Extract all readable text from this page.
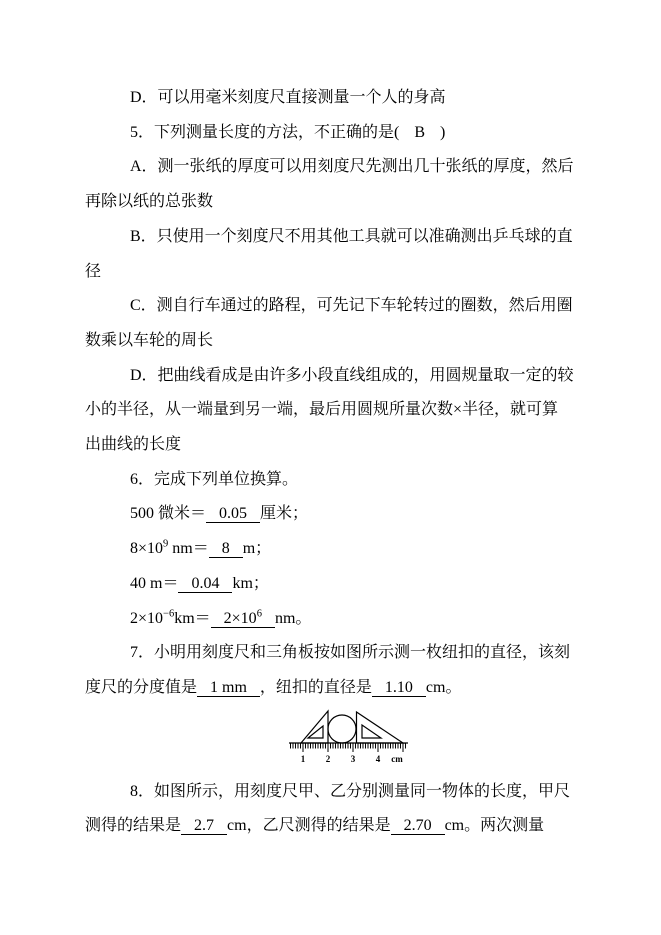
D．可以用毫米刻度尺直接测量一个人的身高

5．下列测量长度的方法，不正确的是( B )

A．测一张纸的厚度可以用刻度尺先测出几十张纸的厚度，然后

再除以纸的总张数

B．只使用一个刻度尺不用其他工具就可以准确测出乒乓球的直

径

C．测自行车通过的路程，可先记下车轮转过的圈数，然后用圈

数乘以车轮的周长

D．把曲线看成是由许多小段直线组成的，用圆规量取一定的较

小的半径，从一端量到另一端，最后用圆规所量次数×半径，就可算

出曲线的长度

6．完成下列单位换算。

500 微米＝ 0.05 厘米；

$8\times 10^9$ nm＝ 8 m；

40 m＝ 0.04 km；

$2\times 10^{-6}km= 2\times 10^6$ nm。

7．小明用刻度尺和三角板按如图所示测一枚纽扣的直径，该刻

度尺的分度值是 1 mm ，纽扣的直径是 1.10 cm。

1 2 3 4 cm

8．如图所示，用刻度尺甲、乙分别测量同一物体的长度，甲尺

测得的结果是 2.7 cm，乙尺测得的结果是 2.70 cm。两次测量
